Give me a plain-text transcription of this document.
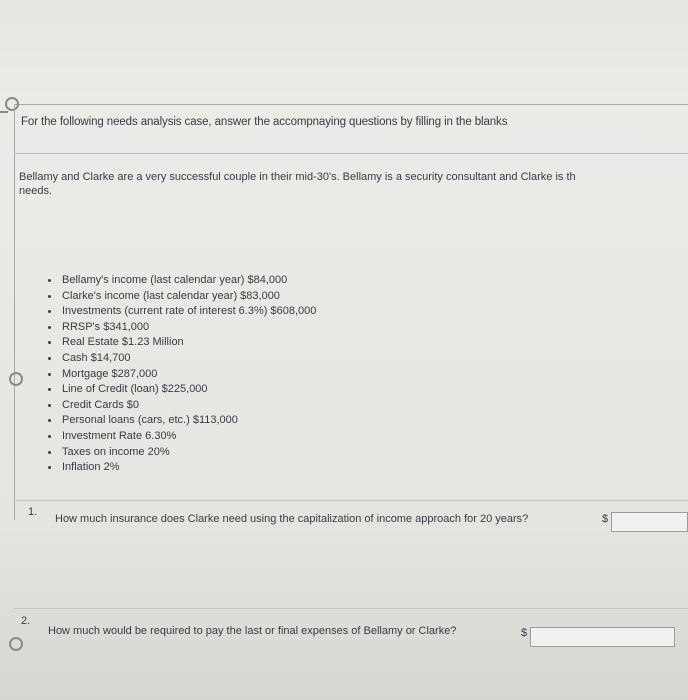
For the following needs analysis case, answer the accompnaying questions by filling in the blanks
Bellamy and Clarke are a very successful couple in their mid-30's. Bellamy is a security consultant and Clarke is th
needs.
Bellamy's income (last calendar year) $84,000
Clarke's income (last calendar year) $83,000
Investments (current rate of interest 6.3%) $608,000
RRSP's $341,000
Real Estate $1.23 Million
Cash $14,700
Mortgage $287,000
Line of Credit (loan) $225,000
Credit Cards $0
Personal loans (cars, etc.) $113,000
Investment Rate 6.30%
Taxes on income 20%
Inflation 2%
1.
How much insurance does Clarke need using the capitalization of income approach for 20 years?	$
2.
How much would be required to pay the last or final expenses of Bellamy or Clarke?	$
